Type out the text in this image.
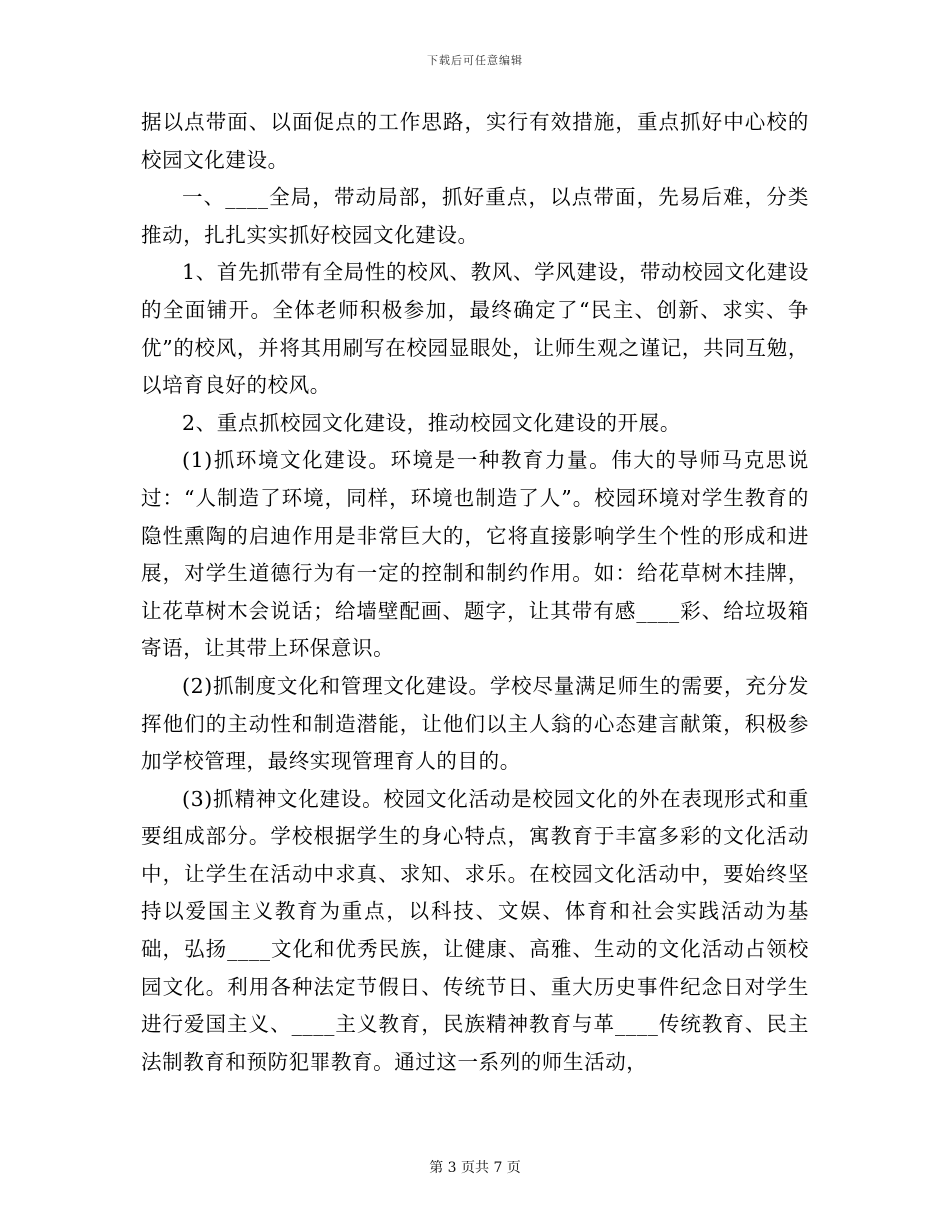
下载后可任意编辑

据以点带面、以面促点的工作思路，实行有效措施，重点抓好中心校的校园文化建设。

一、____全局，带动局部，抓好重点，以点带面，先易后难，分类推动，扎扎实实抓好校园文化建设。

1、首先抓带有全局性的校风、教风、学风建设，带动校园文化建设的全面铺开。全体老师积极参加，最终确定了“民主、创新、求实、争优”的校风，并将其用刷写在校园显眼处，让师生观之谨记，共同互勉，以培育良好的校风。

2、重点抓校园文化建设，推动校园文化建设的开展。

(1)抓环境文化建设。环境是一种教育力量。伟大的导师马克思说过：“人制造了环境，同样，环境也制造了人”。校园环境对学生教育的隐性熏陶的启迪作用是非常巨大的，它将直接影响学生个性的形成和进展，对学生道德行为有一定的控制和制约作用。如：给花草树木挂牌，让花草树木会说话；给墙壁配画、题字，让其带有感____彩、给垃圾箱寄语，让其带上环保意识。

(2)抓制度文化和管理文化建设。学校尽量满足师生的需要，充分发挥他们的主动性和制造潜能，让他们以主人翁的心态建言献策，积极参加学校管理，最终实现管理育人的目的。

(3)抓精神文化建设。校园文化活动是校园文化的外在表现形式和重要组成部分。学校根据学生的身心特点，寓教育于丰富多彩的文化活动中，让学生在活动中求真、求知、求乐。在校园文化活动中，要始终坚持以爱国主义教育为重点，以科技、文娱、体育和社会实践活动为基础，弘扬____文化和优秀民族，让健康、高雅、生动的文化活动占领校园文化。利用各种法定节假日、传统节日、重大历史事件纪念日对学生进行爱国主义、____主义教育，民族精神教育与革____传统教育、民主法制教育和预防犯罪教育。通过这一系列的师生活动，

第 3 页共 7 页
